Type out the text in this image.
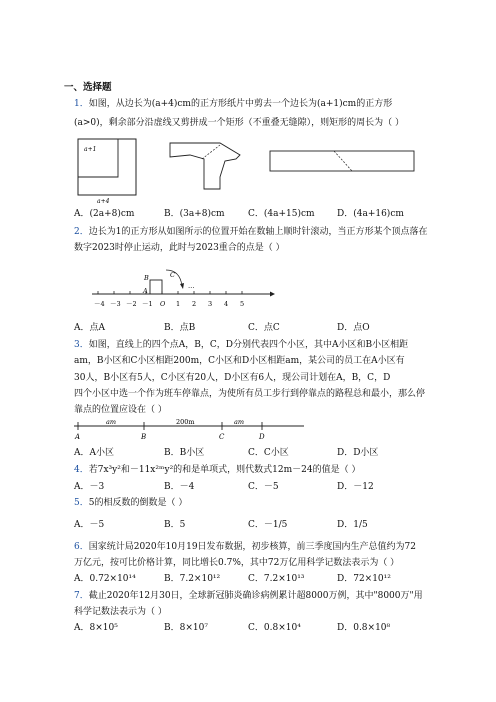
一、选择题
1．如图，从边长为(a+4)cm的正方形纸片中剪去一个边长为(a+1)cm的正方形
(a>0)，剩余部分沿虚线又剪拼成一个矩形（不重叠无缝隙），则矩形的周长为（ ）
a+1
a+4
A．(2a+8)cm	B．(3a+8)cm	C．(4a+15)cm D．(4a+16)cm
2．边长为1的正方形从如图所示的位置开始在数轴上顺时针滚动，当正方形某个顶点落在
数字2023时停止运动，此时与2023重合的点是（ ）
B	C
A
…
－4 －3 －2 －1 O 1 2 3 4 5
A．点A	B．点B	C．点C	D．点O
3．如图，直线上的四个点A，B，C，D分别代表四个小区，其中A小区和B小区相距
am，B小区和C小区相距200m，C小区和D小区相距am，某公司的员工在A小区有
30人，B小区有5人，C小区有20人，D小区有6人，现公司计划在A，B，C，D
四个小区中选一个作为班车停靠点，为使所有员工步行到停靠点的路程总和最小，那么停
靠点的位置应设在（ ）
am	200m	am
A	B	C	D
A．A小区	B．B小区	C．C小区	D．D小区
4．若7x³y²和－11x²ᵐy²的和是单项式，则代数式12m－24的值是（ ）
A．－3	B．－4	C．－5	D．－12
5．5的相反数的倒数是（ ）
A．－5	B．5	C．－1/5	D．1/5
6．国家统计局2020年10月19日发布数据，初步核算，前三季度国内生产总值约为72
万亿元，按可比价格计算，同比增长0.7%，其中72万亿用科学记数法表示为（ ）
A．0.72×10¹⁴	B．7.2×10¹²	C．7.2×10¹³	D．72×10¹²
7．截止2020年12月30日，全球新冠肺炎确诊病例累计超8000万例，其中"8000万"用
科学记数法表示为（ ）
A．8×10⁵	B．8×10⁷	C．0.8×10⁴	D．0.8×10⁸
